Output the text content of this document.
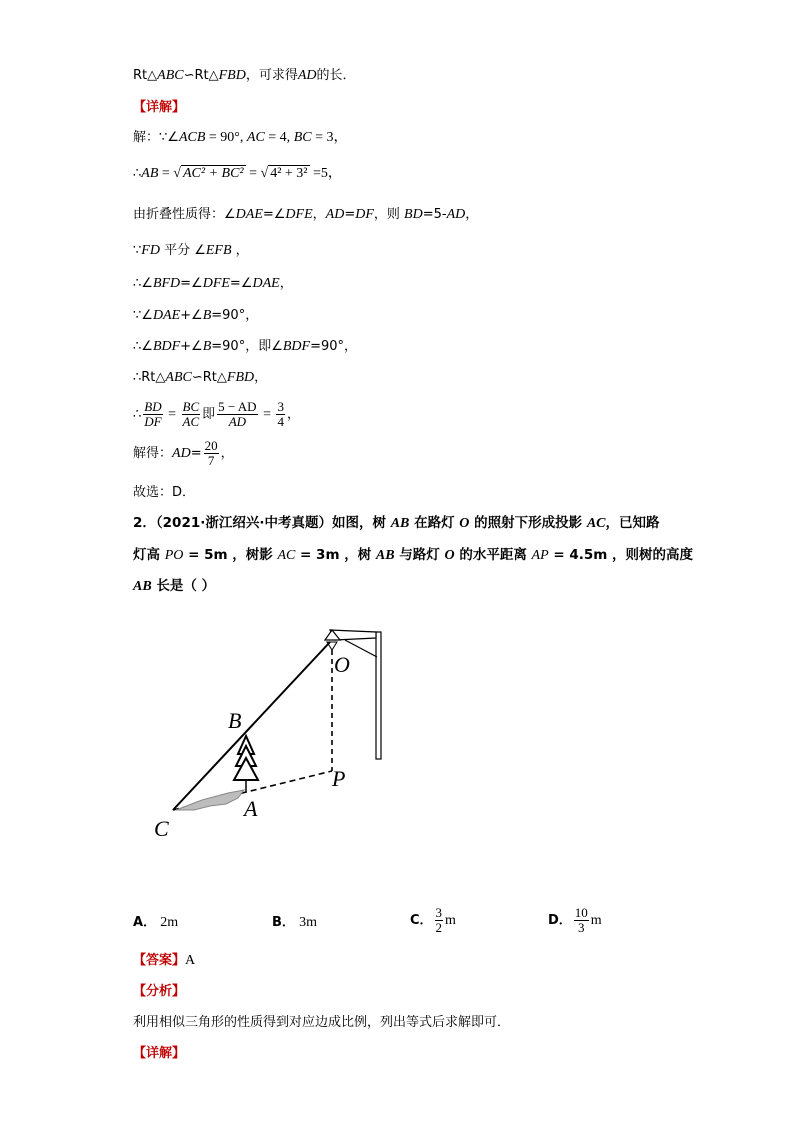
Rt△ABC∽Rt△FBD，可求得AD的长．
【详解】
解：∵∠ACB = 90°, AC = 4, BC = 3，
∴AB = √ AC² + BC² = √ 4² + 3² =5，
由折叠性质得：∠DAE=∠DFE，AD=DF，则 BD=5-AD，
∵FD 平分 ∠EFB ，
∴∠BFD=∠DFE=∠DAE，
∵∠DAE+∠B=90°，
∴∠BDF+∠B=90°，即∠BDF=90°，
∴Rt△ABC∽Rt△FBD，
∴ $\frac{BD}{DF} = \frac{BC}{AC}$ 即 $\frac{5 - AD}{AD} = \frac{3}{4}$ ，
解得：$AD= \frac{20}{7}$ ，
故选：D．
2．（2021·浙江绍兴·中考真题）如图，树 AB 在路灯 O 的照射下形成投影 AC，已知路
灯高 PO = 5m ，树影 AC = 3m ，树 AB 与路灯 O 的水平距离 AP = 4.5m ，则树的高度
AB 长是（ ）
O
B
P
C
A
A． 2m	B． 3m	C． $\frac{3}{2}$ m	D． $\frac{10}{3}$ m
【答案】A
【分析】
利用相似三角形的性质得到对应边成比例，列出等式后求解即可．
【详解】
